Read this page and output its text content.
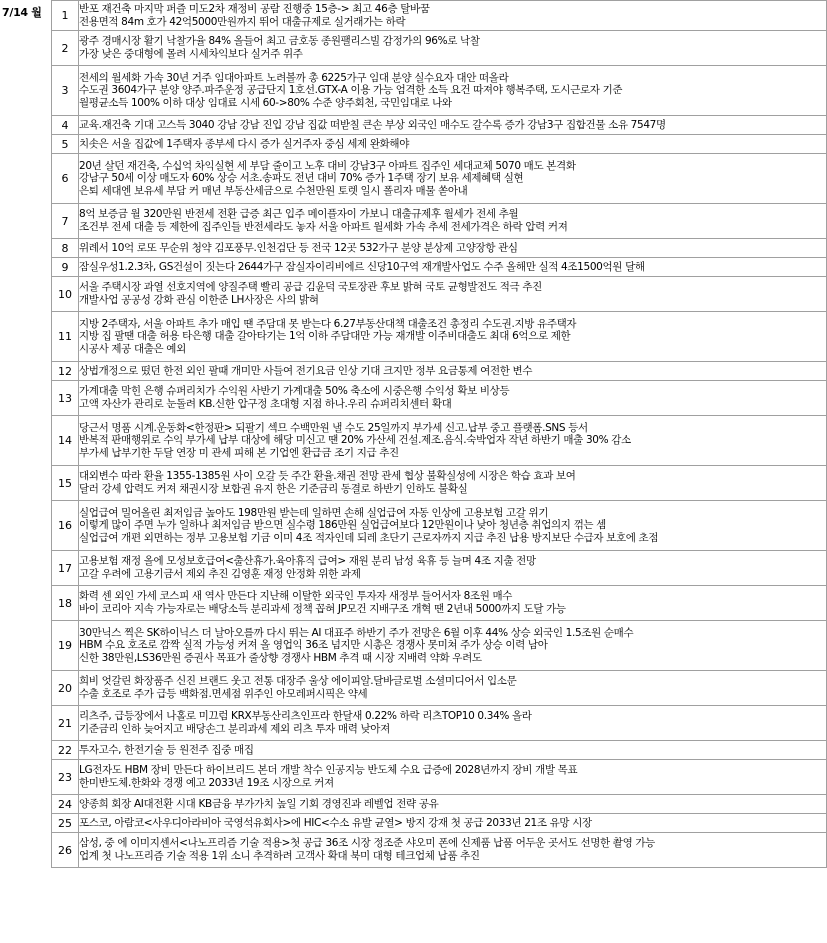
7/14 월 1	반포 재건축 마지막 퍼즐 미도2차 재정비 공람 진행중 15층-> 최고 46층 탈바꿈
전용면적 84m 호가 42억5000만원까지 뛰어 대출규제로 실거래가는 하락

2	광주 경매시장 활기 낙찰가율 84% 올들어 최고 금호동 종원팰리스빌 감정가의 96%로 낙찰
가장 낮은 중대형에 몰려 시세차익보다 실거주 위주

3	전세의 월세화 가속 30년 거주 임대아파트 노려볼까 총 6225가구 임대 분양 실수요자 대안 떠올라
수도권 3604가구 분양 양주.파주운정 공급단지 1호선.GTX-A 이용 가능 엄격한 소득 요건 따져야 행복주택, 도시근로자 기준
월평균소득 100% 이하 대상 임대료 시세 60->80% 수준 양주회천, 국민임대로 나와

4	교육.재건축 기대 고스득 3040 강남 강남 진입 강남 집값 떠받칠 큰손 부상 외국인 매수도 갈수록 증가 강남3구 집합건물 소유 7547명

5	치솟은 서울 집값에 1주택자 종부세 다시 증가 실거주자 중심 세제 완화해야

6	20년 살던 재건축, 수십억 차익실현 세 부담 줄이고 노후 대비 강남3구 아파트 집주인 세대교체 5070 매도 본격화
강남구 50세 이상 매도자 60% 상승 서초.송파도 전년 대비 70% 증가 1주택 장기 보유 세제혜택 실현
은퇴 세대엔 보유세 부담 커 매년 부동산세금으로 수천만원 토렛 일시 폴리자 매물 쏟아내

7	8억 보증금 월 320만원 반전세 전환 급증 최근 입주 메이플자이 가보니 대출규제후 월세가 전세 추월
조건부 전세 대출 등 제한에 집주인들 반전세라도 놓자 서울 아파트 월세화 가속 추세 전세가격은 하락 압력 커져

8	위례서 10억 로또 무순위 청약 김포풍무.인천검단 등 전국 12곳 532가구 분양 분상제 고양장항 관심

9	잠실우성1.2.3차, GS건설이 짓는다 2644가구 잠실자이리비에르 신당10구역 재개발사업도 수주 올해만 실적 4조1500억원 달해

10	서울 주택시장 과열 선호지역에 양질주택 빨리 공급 김윤덕 국토장관 후보 밝혀 국토 균형발전도 적극 추진
개발사업 공공성 강화 관심 이한준 LH사장은 사의 밝혀

11	지방 2주택자, 서울 아파트 추가 매입 땐 주담대 못 받는다 6.27부동산대책 대출조건 총정리 수도권.지방 유주택자
지방 집 팔땐 대출 허용 타은행 대출 갈아타기는 1억 이하 주담대만 가능 재개발 이주비대출도 최대 6억으로 제한
시공사 제공 대출은 예외

12	상법개정으로 떴던 한전 외인 팔때 개미만 사들여 전기요금 인상 기대 크지만 정부 요금통제 여전한 변수

13	가계대출 막힌 은행 슈퍼리치가 수익원 사반기 가계대출 50% 축소에 시중은행 수익성 확보 비상등
고액 자산가 관리로 눈돌려 KB.신한 압구정 초대형 지점 하나.우리 슈퍼리치센터 확대

14	당근서 명품 시계.운동화<한정판> 되팔기 섹므 수백만원 낼 수도 25일까지 부가세 신고.납부 중고 플랫폼.SNS 등서
반복적 판매행위로 수익 부가세 납부 대상에 해당 미신고 땐 20% 가산세 건설.제조.음식.숙박업자 작년 하반기 매출 30% 감소
부가세 납부기한 두달 연장 미 관세 피해 본 기업엔 환급금 조기 지급 추진

15	대외변수 따라 환율 1355-1385원 사이 오갈 듯 주간 환율.채권 전망 관세 협상 불확실성에 시장은 학습 효과 보여
달러 강세 압력도 커져 채권시장 보합권 유지 한은 기준금리 동결로 하반기 인하도 불확실

16	실업급여 밀어올린 최저임금 높아도 198만원 받는데 일하면 손해 실업급여 자동 인상에 고용보험 고갈 위기
이렇게 많이 주면 누가 일하나 최저임금 받으면 실수령 186만원 실업급여보다 12만원이나 낮아 청년층 취업의지 꺾는 셈
실업급여 개편 외면하는 정부 고용보험 기금 이미 4조 적자인데 되레 초단기 근로자까지 지급 추진 납용 방지보단 수급자 보호에 초점

17	고용보험 재정 올에 모성보호급여<출산휴가.육아휴직 급여> 재원 분리 남성 육휴 등 늘며 4조 지출 전망
고갈 우려에 고용기금서 제외 추진 김영훈 재정 안정화 위한 과제

18	화력 센 외인 가세 코스피 새 역사 만든다 지난해 이탈한 외국인 투자자 새정부 들어서자 8조원 매수
바이 코리아 지속 가능자로는 배당소득 분리과세 정책 꼽혀 JP모건 지배구조 개혁 땐 2년내 5000까지 도달 가능

19	30만닉스 찍은 SK하이닉스 더 날아오를까 다시 뛰는 AI 대표주 하반기 주가 전망은 6월 이후 44% 상승 외국인 1.5조원 순매수
HBM 수요 호조로 깜짝 실적 가능성 커져 올 영업익 36조 넘지만 시총은 경쟁사 못미쳐 주가 상승 이력 남아
신한 38만원,LS36만원 증권사 목표가 줄상향 경쟁사 HBM 추격 때 시장 지배력 약화 우려도

20	희비 엇갈린 화장품주 신진 브랜드 웃고 전통 대장주 울상 에이피알.달바글로벌 소셜미디어서 입소문
수출 호조로 주가 급등 백화점.면세점 위주인 아모레퍼시픽은 약세

21	리츠주, 급등장에서 나홀로 미끄럼 KRX부동산리츠인프라 한달새 0.22% 하락 리츠TOP10 0.34% 올라
기준금리 인하 늦어지고 배당손그 분리과세 제외 리츠 투자 매력 낮아져

22	투자고수, 한전기술 등 원전주 집중 매집

23	LG전자도 HBM 장비 만든다 하이브리드 본더 개발 착수 인공지능 반도체 수요 급증에 2028년까지 장비 개발 목표
한미반도체.한화와 경쟁 예고 2033년 19조 시장으로 커져

24	양종희 회장 AI대전환 시대 KB금융 부가가치 높일 기회 경영진과 레벨업 전략 공유

25	포스코, 아람코<사우디아라비아 국영석유회사>에 HIC<수소 유발 균열> 방지 강재 첫 공급 2033년 21조 유망 시장

26	삼성, 중 에 이미지센서<나노프리즘 기술 적용>첫 공급 36조 시장 정조준 샤오미 폰에 신제품 납품 어두운 곳서도 선명한 촬영 가능
업계 첫 나노프리즘 기술 적용 1위 소니 추격하려 고객사 확대 북미 대형 테크업체 납품 추진
